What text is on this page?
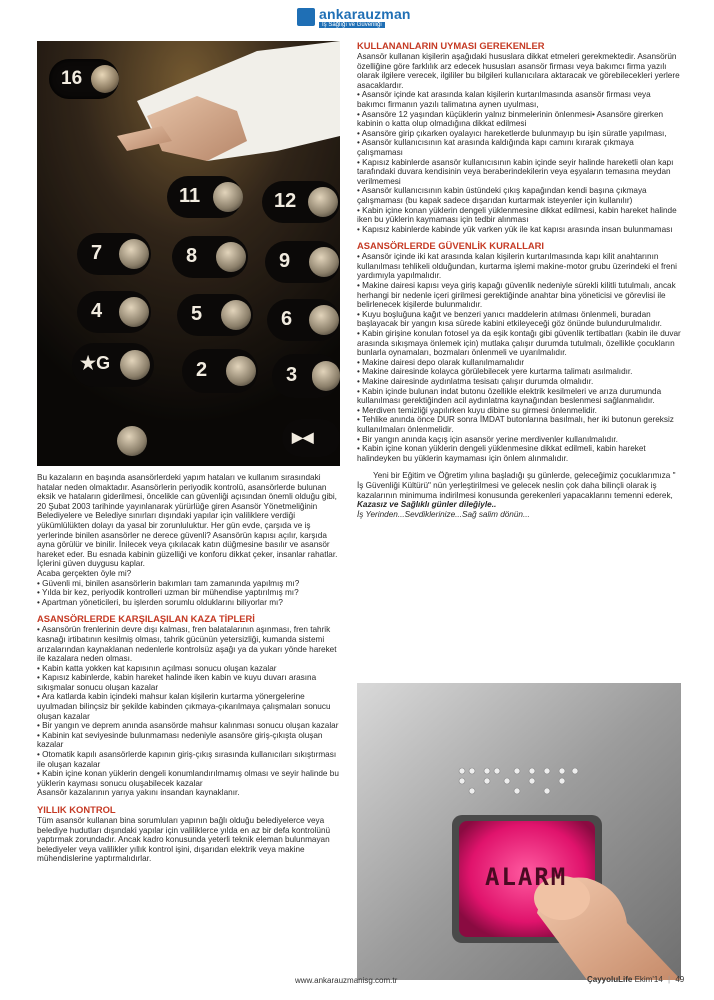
ankarauzman
İş Sağlığı ve Güvenliği
16
11	12
7	8	9
4	5	6
★G	2	3
▶◀

Bu kazaların en başında asansörlerdeki yapım hataları ve kullanım sırasındaki hatalar neden olmaktadır. Asansörlerin periyodik kontrolü, asansörlerde bulunan eksik ve hataların giderilmesi, öncelikle can güvenliği açısından önemli olduğu gibi, 20 Şubat 2003 tarihinde yayınlanarak yürürlüğe giren Asansör Yönetmeliğinin Belediyelere ve Belediye sınırları dışındaki yapılar için valiliklere verdiği yükümlülükten dolayı da yasal bir zorunluluktur. Her gün evde, çarşıda ve iş yerlerinde binilen asansörler ne derece güvenli? Asansörün kapısı açılır, karşıda ayna görülür ve binilir. İnilecek veya çıkılacak katın düğmesine basılır ve asansör hareket eder. Bu esnada kabinin güzelliği ve konforu dikkat çeker, insanlar rahatlar. İçlerini güven duygusu kaplar.

Acaba gerçekten öyle mi?

• Güvenli mi, binilen asansörlerin bakımları tam zamanında yapılmış mı?

• Yılda bir kez, periyodik kontrolleri uzman bir mühendise yaptırılmış mı?

• Apartman yöneticileri, bu işlerden sorumlu olduklarını biliyorlar mı?

ASANSÖRLERDE KARŞILAŞILAN KAZA TİPLERİ

• Asansörün frenlerinin devre dışı kalması, fren balatalarının aşınması, fren tahrik kasnağı irtibatının kesilmiş olması, tahrik gücünün yetersizliği, kumanda sistemi arızalarından kaynaklanan nedenlerle kontrolsüz aşağı ya da yukarı yönde hareket ile kazalara neden olması.

• Kabin katta yokken kat kapısının açılması sonucu oluşan kazalar

• Kapısız kabinlerde, kabin hareket halinde iken kabin ve kuyu duvarı arasına sıkışmalar sonucu oluşan kazalar

• Ara katlarda kabin içindeki mahsur kalan kişilerin kurtarma yönergelerine uyulmadan bilinçsiz bir şekilde kabinden çıkmaya-çıkarılmaya çalışmaları sonucu oluşan kazalar

• Bir yangın ve deprem anında asansörde mahsur kalınması sonucu oluşan kazalar

• Kabinin kat seviyesinde bulunmaması nedeniyle asansöre giriş-çıkışta oluşan kazalar

• Otomatik kapılı asansörlerde kapının giriş-çıkış sırasında kullanıcıları sıkıştırması ile oluşan kazalar

• Kabin içine konan yüklerin dengeli konumlandırılmamış olması ve seyir halinde bu yüklerin kayması sonucu oluşabilecek kazalar

Asansör kazalarının yarıya yakını insandan kaynaklanır.

YILLIK KONTROL

Tüm asansör kullanan bina sorumluları yapının bağlı olduğu belediyelerce veya belediye hudutları dışındaki yapılar için valiliklerce yılda en az bir defa kontrolünü yaptırmak zorundadır. Ancak kadro konusunda yeterli teknik eleman bulunmayan belediyeler veya valilikler yıllık kontrol işini, dışarıdan elektrik veya makine mühendislerine yaptırmalıdırlar.

KULLANANLARIN UYMASI GEREKENLER

Asansör kullanan kişilerin aşağıdaki hususlara dikkat etmeleri gerekmektedir. Asansörün özelliğine göre farklılık arz edecek hususları asansör firması veya bakımcı firma yazılı olarak ilgilere verecek, ilgililer bu bilgileri kullanıcılara aktaracak ve görebilecekleri yerlere asacaklardır.

• Asansör içinde kat arasında kalan kişilerin kurtarılmasında asansör firması veya bakımcı firmanın yazılı talimatına aynen uyulması,

• Asansöre 12 yaşından küçüklerin yalnız binmelerinin önlenmesi• Asansöre girerken kabinin o katta olup olmadığına dikkat edilmesi

• Asansöre girip çıkarken oyalayıcı hareketlerde bulunmayıp bu işin süratle yapılması,

• Asansör kullanıcısının kat arasında kaldığında kapı camını kırarak çıkmaya çalışmaması

• Kapısız kabinlerde asansör kullanıcısının kabin içinde seyir halinde hareketli olan kapı tarafındaki duvara kendisinin veya beraberindekilerin veya eşyaların temasına meydan verilmemesi

• Asansör kullanıcısının kabin üstündeki çıkış kapağından kendi başına çıkmaya çalışmaması (bu kapak sadece dışarıdan kurtarmak isteyenler için kullanılır)

• Kabin içine konan yüklerin dengeli yüklenmesine dikkat edilmesi, kabin hareket halinde iken bu yüklerin kaymaması için tedbir alınması

• Kapısız kabinlerde kabinde yük varken yük ile kat kapısı arasında insan bulunmaması

ASANSÖRLERDE GÜVENLİK KURALLARI

• Asansör içinde iki kat arasında kalan kişilerin kurtarılmasında kapı kilit anahtarının kullanılması tehlikeli olduğundan, kurtarma işlemi makine-motor grubu üzerindeki el freni yardımıyla yapılmalıdır.

• Makine dairesi kapısı veya giriş kapağı güvenlik nedeniyle sürekli kilitli tutulmalı, ancak herhangi bir nedenle içeri girilmesi gerektiğinde anahtar bina yöneticisi ve görevlisi ile belirlenecek kişilerde bulunmalıdır.

• Kuyu boşluğuna kağıt ve benzeri yanıcı maddelerin atılması önlenmeli, buradan başlayacak bir yangın kısa sürede kabini etkileyeceği göz önünde bulundurulmalıdır.

• Kabin girişine konulan fotosel ya da eşik kontağı gibi güvenlik tertibatları (kabin ile duvar arasında sıkışmaya önlemek için) mutlaka çalışır durumda tutulmalı, özellikle çocukların bunlarla oynamaları, bozmaları önlenmeli ve uyarılmalıdır.

• Makine dairesi depo olarak kullanılmamalıdır

• Makine dairesinde kolayca görülebilecek yere kurtarma talimatı asılmalıdır.

• Makine dairesinde aydınlatma tesisatı çalışır durumda olmalıdır.

• Kabin içinde bulunan indat butonu özellikle elektrik kesilmeleri ve arıza durumunda kullanılması gerektiğinden acil aydınlatma kaynağından beslenmesi sağlanmalıdır.

• Merdiven temizliği yapılırken kuyu dibine su girmesi önlenmelidir.

• Tehlike anında önce DUR sonra İMDAT butonlarına basılmalı, her iki butonun gereksiz kullanılmaları önlenmelidir.

• Bir yangın anında kaçış için asansör yerine merdivenler kullanılmalıdır.

• Kabin içine konan yüklerin dengeli yüklenmesine dikkat edilmeli, kabin hareket halindeyken bu yüklerin kaymaması için önlem alınmalıdır.

Yeni bir Eğitim ve Öğretim yılına başladığı şu günlerde, geleceğimiz çocuklarımıza " İş Güvenliği Kültürü" nün yerleştirilmesi ve gelecek neslin çok daha bilinçli olarak iş kazalarının minimuma indirilmesi konusunda gerekenleri yapacaklarını temenni ederek,

Kazasız ve Sağlıklı günler dileğiyle..

İş Yerinden...Sevdiklerinize...Sağ salim dönün...

ALARM
www.ankarauzmanisg.com.tr	ÇayyoluLife Ekim'14 | 49
